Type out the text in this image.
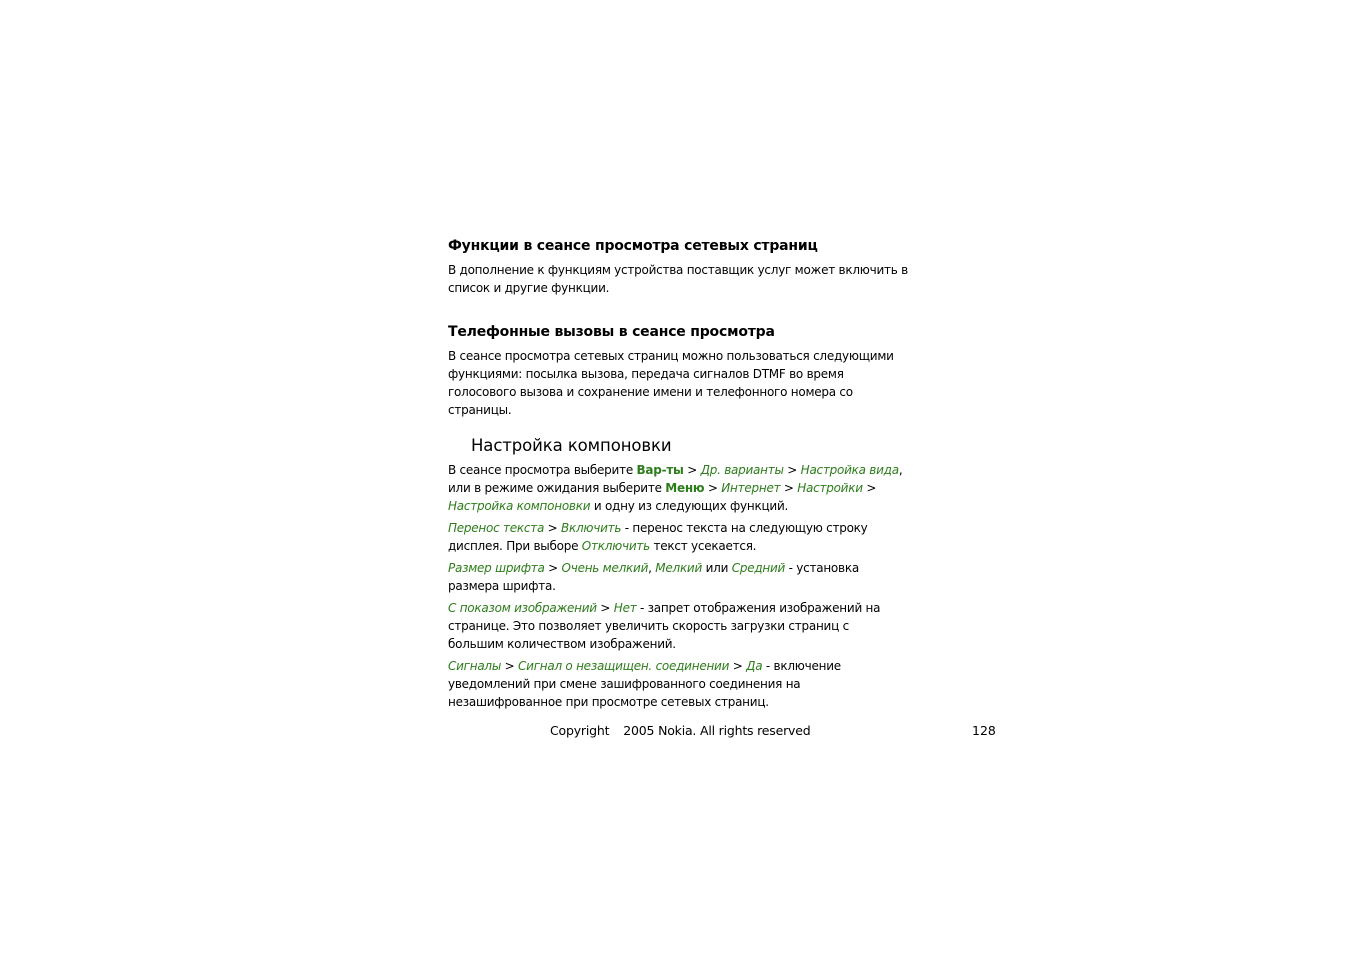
Функции в сеансе просмотра сетевых страниц

В дополнение к функциям устройства поставщик услуг может включить в список и другие функции.

Телефонные вызовы в сеансе просмотра

В сеансе просмотра сетевых страниц можно пользоваться следующими функциями: посылка вызова, передача сигналов DTMF во время голосового вызова и сохранение имени и телефонного номера со страницы.

Настройка компоновки

В сеансе просмотра выберите Вар-ты > Др. варианты > Настройка вида, или в режиме ожидания выберите Меню > Интернет > Настройки > Настройка компоновки и одну из следующих функций.

Перенос текста > Включить - перенос текста на следующую строку дисплея. При выборе Отключить текст усекается.

Размер шрифта > Очень мелкий, Мелкий или Средний - установка размера шрифта.

С показом изображений > Нет - запрет отображения изображений на странице. Это позволяет увеличить скорость загрузки страниц с большим количеством изображений.

Сигналы > Сигнал о незащищен. соединении > Да - включение уведомлений при смене зашифрованного соединения на незашифрованное при просмотре сетевых страниц.

Copyright 2005 Nokia. All rights reserved	128
